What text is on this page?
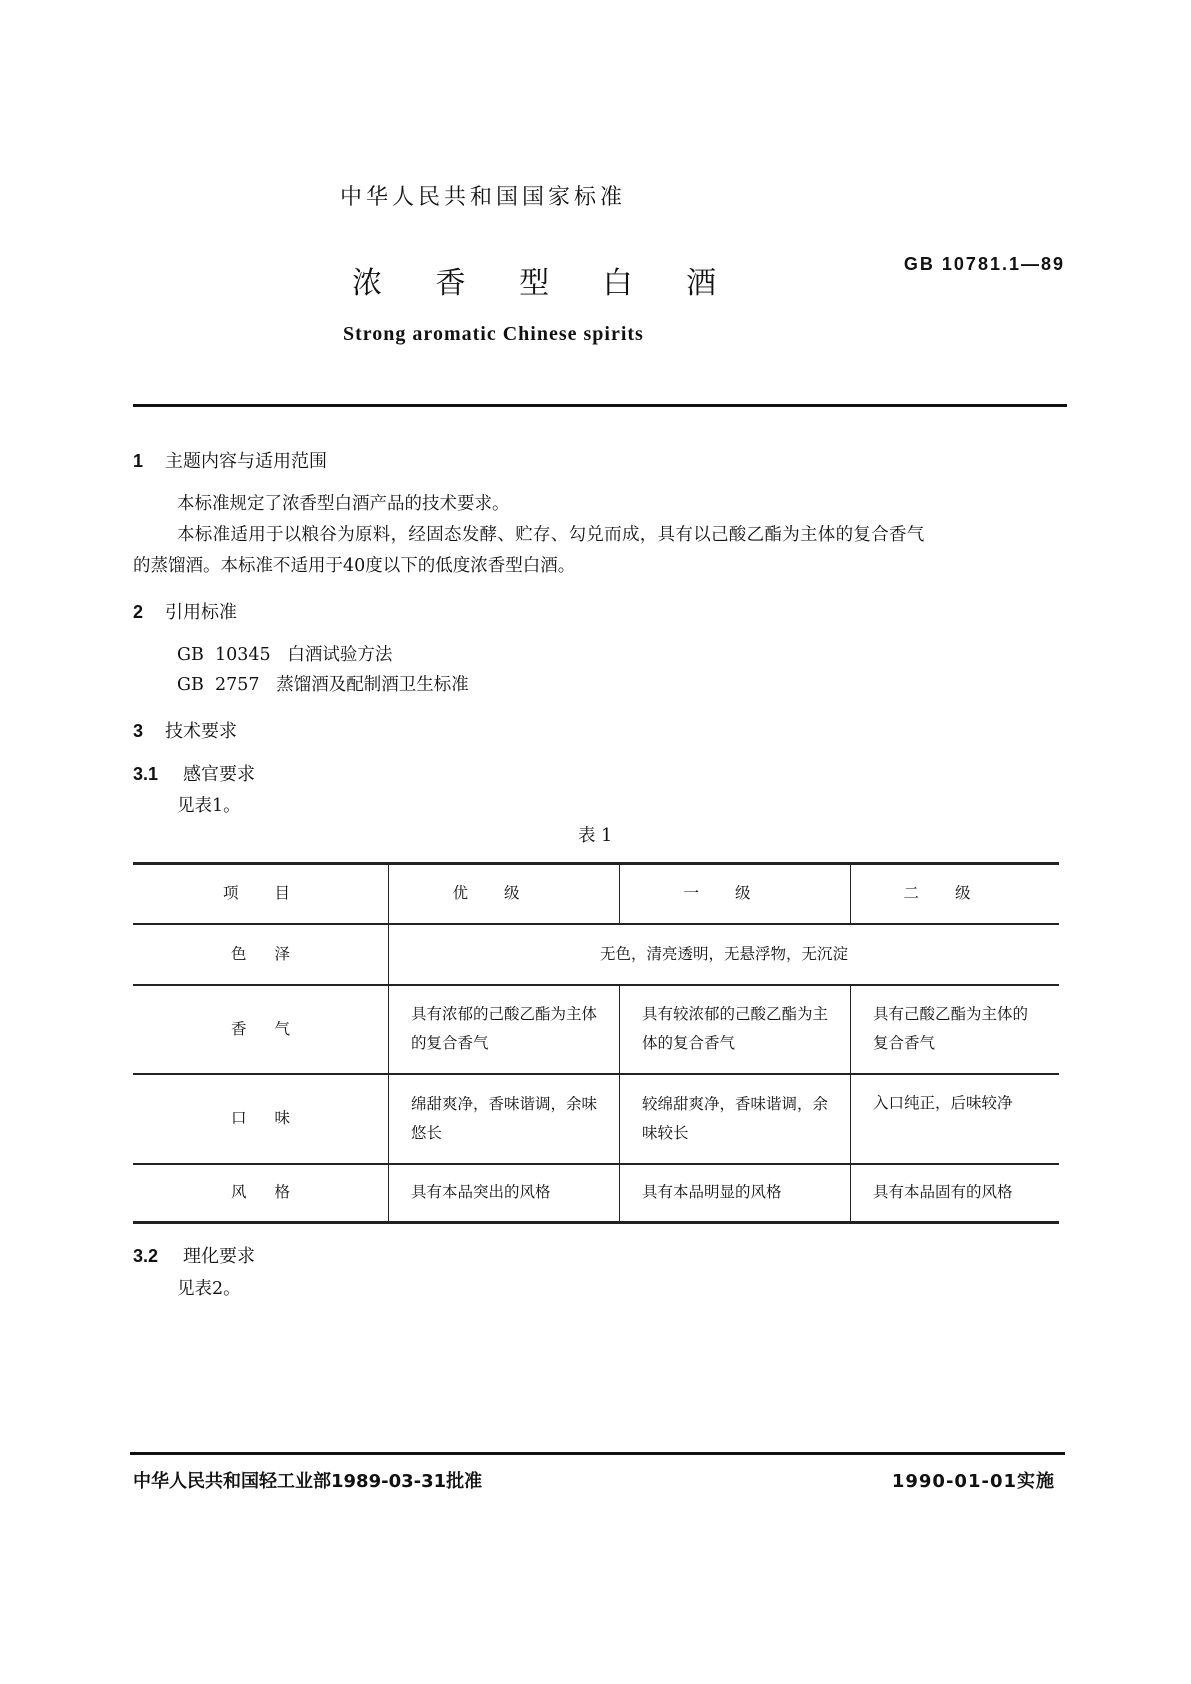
中华人民共和国国家标准
浓 香 型 白 酒
GB 10781.1—89
Strong aromatic Chinese spirits
1 主题内容与适用范围
本标准规定了浓香型白酒产品的技术要求。
本标准适用于以粮谷为原料，经固态发酵、贮存、勾兑而成，具有以己酸乙酯为主体的复合香气
的蒸馏酒。本标准不适用于40度以下的低度浓香型白酒。
2 引用标准
GB  10345   白酒试验方法
GB  2757   蒸馏酒及配制酒卫生标准
3 技术要求
3.1 感官要求
见表1。
表 1
项目	优级	一级	二级
色泽	无色，清亮透明，无悬浮物，无沉淀		
香气	具有浓郁的己酸乙酯为主体的复合香气	具有较浓郁的己酸乙酯为主体的复合香气	具有己酸乙酯为主体的复合香气
口味	绵甜爽净，香味谐调，余味悠长	较绵甜爽净，香味谐调，余味较长	入口纯正，后味较净
风格	具有本品突出的风格	具有本品明显的风格	具有本品固有的风格
3.2 理化要求
见表2。
中华人民共和国轻工业部1989-03-31批准	1990-01-01实施
